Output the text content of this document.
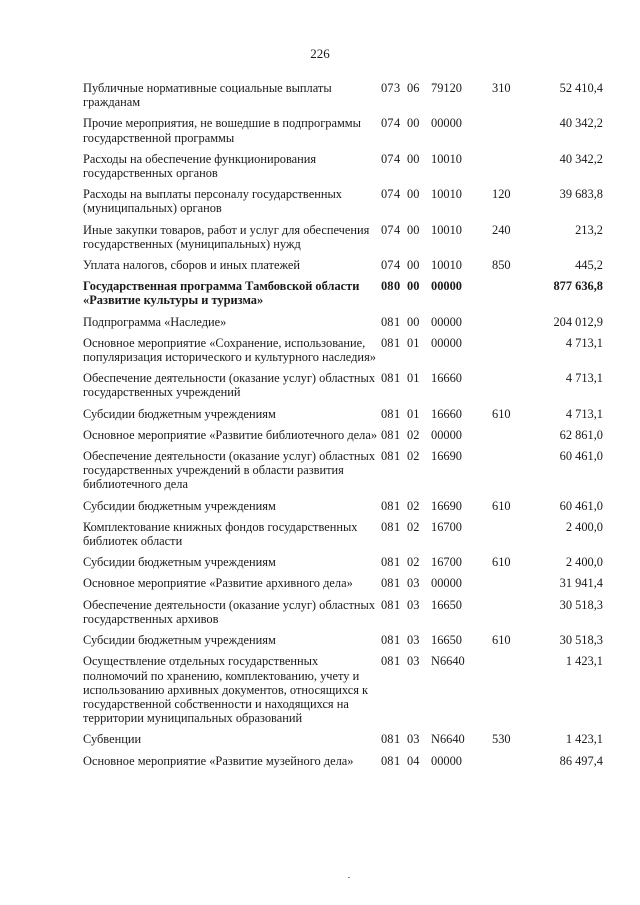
226
Публичные нормативные социальные выплаты гражданам
07 3 06 79120	310	52 410,4
Прочие мероприятия, не вошедшие в подпрограммы государственной программы
07 4 00 00000	40 342,2
Расходы на обеспечение функционирования государственных органов
07 4 00 10010	40 342,2
Расходы на выплаты персоналу государственных (муниципальных) органов
07 4 00 10010	120	39 683,8
Иные закупки товаров, работ и услуг для обеспечения государственных (муниципальных) нужд
07 4 00 10010	240	213,2
Уплата налогов, сборов и иных платежей	07 4 00 10010	850	445,2
Государственная программа Тамбовской области «Развитие культуры и туризма»
08 0 00 00000	877 636,8
Подпрограмма «Наследие»	08 1 00 00000	204 012,9
Основное мероприятие «Сохранение, использование, популяризация исторического и культурного наследия»
08 1 01 00000	4 713,1
Обеспечение деятельности (оказание услуг) областных государственных учреждений
08 1 01 16660	4 713,1
Субсидии бюджетным учреждениям	08 1 01 16660	610	4 713,1
Основное мероприятие «Развитие библиотечного дела» 08 1 02 00000	62 861,0
Обеспечение деятельности (оказание услуг) областных государственных учреждений в области развития библиотечного дела
08 1 02 16690	60 461,0
Субсидии бюджетным учреждениям	08 1 02 16690	610	60 461,0
Комплектование книжных фондов государственных библиотек области
08 1 02 16700	2 400,0
Субсидии бюджетным учреждениям	08 1 02 16700	610	2 400,0
Основное мероприятие «Развитие архивного дела»	08 1 03 00000	31 941,4
Обеспечение деятельности (оказание услуг) областных государственных архивов
08 1 03 16650	30 518,3
Субсидии бюджетным учреждениям	08 1 03 16650	610	30 518,3
Осуществление отдельных государственных полномочий по хранению, комплектованию, учету и использованию архивных документов, относящихся к государственной собственности и находящихся на территории муниципальных образований
08 1 03 N6640	1 423,1
Субвенции	08 1 03 N6640	530	1 423,1
Основное мероприятие «Развитие музейного дела»	08 1 04 00000	86 497,4
